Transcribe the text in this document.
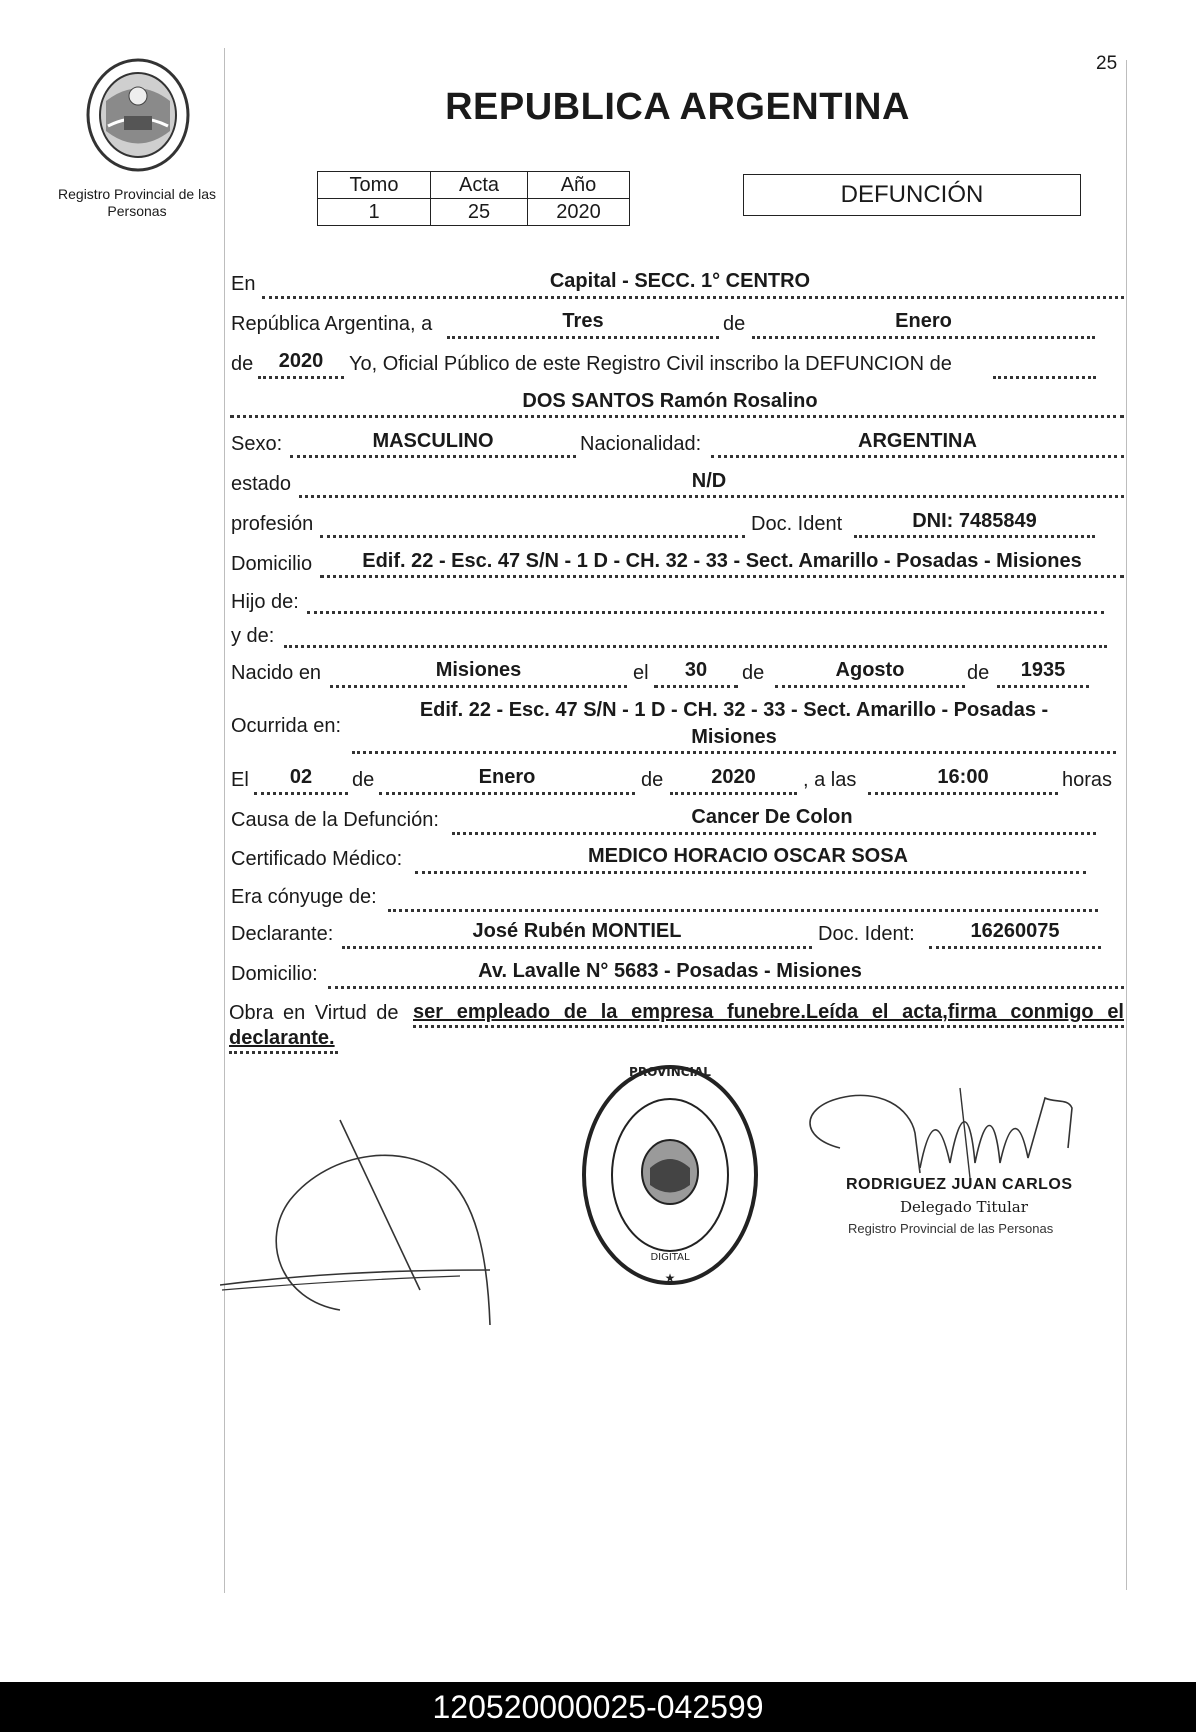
25
Registro Provincial de las Personas
REPUBLICA ARGENTINA
Tomo	Acta	Año
1	25	2020
DEFUNCIÓN
En	Capital - SECC. 1° CENTRO
República Argentina, a	Tres	de	Enero
de	2020	Yo, Oficial Público de este Registro Civil inscribo la DEFUNCION de
DOS SANTOS Ramón Rosalino
Sexo:	MASCULINO	Nacionalidad:	ARGENTINA
estado	N/D
profesión	Doc. Ident	DNI: 7485849
Domicilio	Edif. 22 - Esc. 47 S/N - 1 D - CH. 32 - 33 - Sect. Amarillo - Posadas - Misiones
Hijo de:
y de:
Nacido en	Misiones	el	30	de	Agosto	de	1935
Ocurrida en:
Edif. 22 - Esc. 47 S/N - 1 D - CH. 32 - 33 - Sect. Amarillo - Posadas -
Misiones
El	02	de	Enero	de	2020	, a las	16:00	horas
Causa de la Defunción:	Cancer De Colon
Certificado Médico:	MEDICO HORACIO OSCAR SOSA
Era cónyuge de:
Declarante:	José Rubén MONTIEL	Doc. Ident:	16260075
Domicilio:	Av. Lavalle N° 5683 - Posadas - Misiones
Obra en Virtud de ser empleado de la empresa funebre.Leída el acta,firma conmigo el
declarante.
PROVINCIAL
★
DIGITAL
RODRIGUEZ JUAN CARLOS
Delegado Titular
Registro Provincial de las Personas
120520000025-042599
